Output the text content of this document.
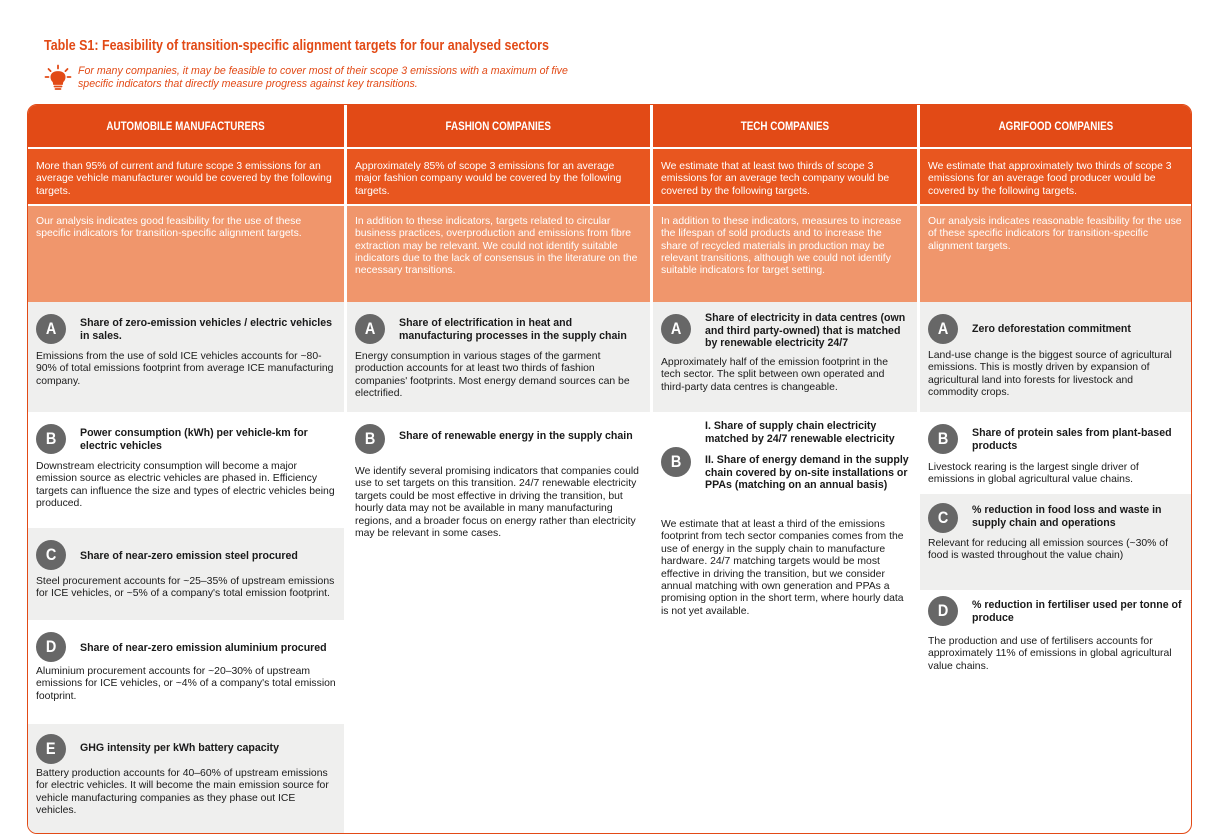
Table S1: Feasibility of transition-specific alignment targets for four analysed sectors
For many companies, it may be feasible to cover most of their scope 3 emissions with a maximum of five specific indicators that directly measure progress against key transitions.
AUTOMOBILE MANUFACTURERS
More than 95% of current and future scope 3 emissions for an average vehicle manufacturer would be covered by the following targets.
Our analysis indicates good feasibility for the use of these specific indicators for transition-specific alignment targets.
A Share of zero-emission vehicles / electric vehicles in sales.
Emissions from the use of sold ICE vehicles accounts for ~80-90% of total emissions footprint from average ICE manufacturing company.
B Power consumption (kWh) per vehicle-km for electric vehicles
Downstream electricity consumption will become a major emission source as electric vehicles are phased in. Efficiency targets can influence the size and types of electric vehicles being produced.
C Share of near-zero emission steel procured
Steel procurement accounts for ~25–35% of upstream emissions for ICE vehicles, or ~5% of a company's total emission footprint.
D Share of near-zero emission aluminium procured
Aluminium procurement accounts for ~20–30% of upstream emissions for ICE vehicles, or ~4% of a company's total emission footprint.
E GHG intensity per kWh battery capacity
Battery production accounts for 40–60% of upstream emissions for electric vehicles. It will become the main emission source for vehicle manufacturing companies as they phase out ICE vehicles.
FASHION COMPANIES
Approximately 85% of scope 3 emissions for an average major fashion company would be covered by the following targets.
In addition to these indicators, targets related to circular business practices, overproduction and emissions from fibre extraction may be relevant. We could not identify suitable indicators due to the lack of consensus in the literature on the necessary transitions.
A Share of electrification in heat and manufacturing processes in the supply chain
Energy consumption in various stages of the garment production accounts for at least two thirds of fashion companies' footprints. Most energy demand sources can be electrified.
B Share of renewable energy in the supply chain
We identify several promising indicators that companies could use to set targets on this transition. 24/7 renewable electricity targets could be most effective in driving the transition, but hourly data may not be available in many manufacturing regions, and a broader focus on energy rather than electricity may be relevant in some cases.
TECH COMPANIES
We estimate that at least two thirds of scope 3 emissions for an average tech company would be covered by the following targets.
In addition to these indicators, measures to increase the lifespan of sold products and to increase the share of recycled materials in production may be relevant transitions, although we could not identify suitable indicators for target setting.
A
Share of electricity in data centres (own and third party-owned) that is matched by renewable electricity 24/7
Approximately half of the emission footprint in the tech sector. The split between own operated and third-party data centres is changeable.
B
I. Share of supply chain electricity matched by 24/7 renewable electricity
II. Share of energy demand in the supply chain covered by on-site installations or PPAs (matching on an annual basis)
We estimate that at least a third of the emissions footprint from tech sector companies comes from the use of energy in the supply chain to manufacture hardware. 24/7 matching targets would be most effective in driving the transition, but we consider annual matching with own generation and PPAs a promising option in the short term, where hourly data is not yet available.
AGRIFOOD COMPANIES
We estimate that approximately two thirds of scope 3 emissions for an average food producer would be covered by the following targets.
Our analysis indicates reasonable feasibility for the use of these specific indicators for transition-specific alignment targets.
A Zero deforestation commitment
Land-use change is the biggest source of agricultural emissions. This is mostly driven by expansion of agricultural land into forests for livestock and commodity crops.
B Share of protein sales from plant-based products
Livestock rearing is the largest single driver of emissions in global agricultural value chains.
C % reduction in food loss and waste in supply chain and operations
Relevant for reducing all emission sources (~30% of food is wasted throughout the value chain)
D % reduction in fertiliser used per tonne of produce
The production and use of fertilisers accounts for approximately 11% of emissions in global agricultural value chains.
